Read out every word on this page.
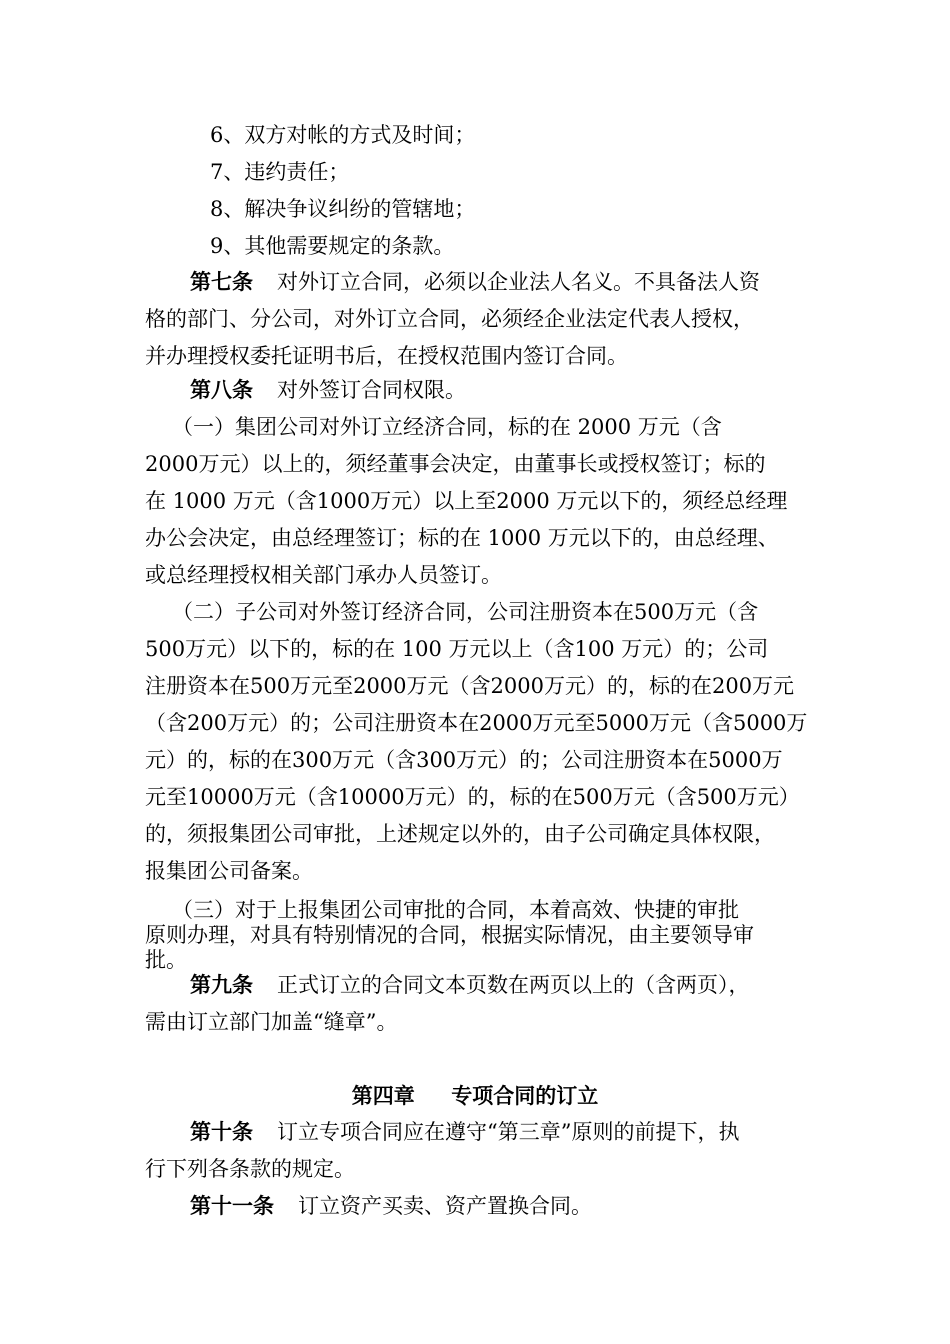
6、双方对帐的方式及时间；
7、违约责任；
8、解决争议纠纷的管辖地；
9、其他需要规定的条款。
第七条 对外订立合同，必须以企业法人名义。不具备法人资
格的部门、分公司，对外订立合同，必须经企业法定代表人授权，
并办理授权委托证明书后，在授权范围内签订合同。
第八条 对外签订合同权限。
（一）集团公司对外订立经济合同，标的在 2000 万元（含
2000万元）以上的，须经董事会决定，由董事长或授权签订；标的
在 1000 万元（含1000万元）以上至2000 万元以下的，须经总经理
办公会决定，由总经理签订；标的在 1000 万元以下的，由总经理、
或总经理授权相关部门承办人员签订。
（二）子公司对外签订经济合同，公司注册资本在500万元（含
500万元）以下的，标的在 100 万元以上（含100 万元）的；公司
注册资本在500万元至2000万元（含2000万元）的，标的在200万元
（含200万元）的；公司注册资本在2000万元至5000万元（含5000万
元）的，标的在300万元（含300万元）的；公司注册资本在5000万
元至10000万元（含10000万元）的，标的在500万元（含500万元）
的，须报集团公司审批，上述规定以外的，由子公司确定具体权限，
报集团公司备案。
（三）对于上报集团公司审批的合同，本着高效、快捷的审批
原则办理，对具有特别情况的合同，根据实际情况，由主要领导审
批。
第九条 正式订立的合同文本页数在两页以上的（含两页），
需由订立部门加盖“缝章”。
第四章     专项合同的订立
第十条 订立专项合同应在遵守“第三章”原则的前提下，执
行下列各条款的规定。
第十一条 订立资产买卖、资产置换合同。
